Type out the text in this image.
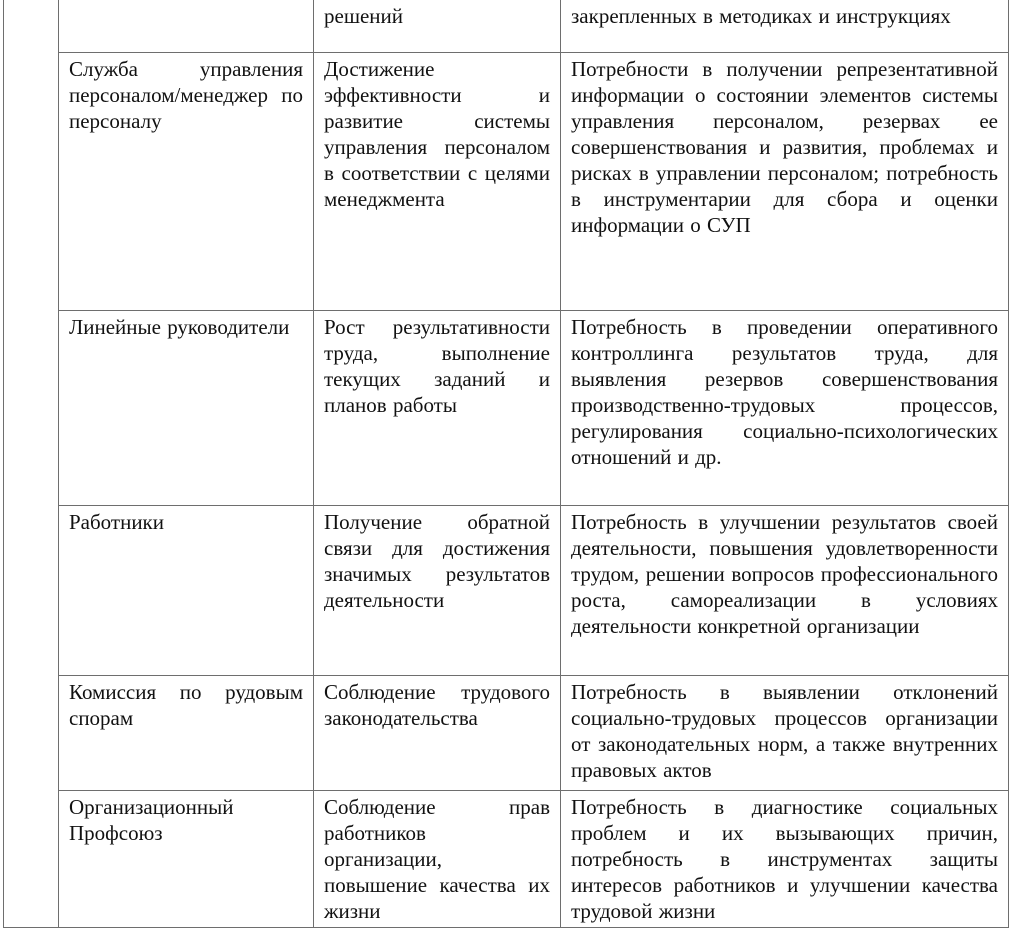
		решений	закрепленных в методиках и инструкциях
	Служба управления персоналом/менеджер по персоналу	Достижение эффективности и развитие системы управления персоналом в соответствии с целями менеджмента	Потребности в получении репрезентативной информации о состоянии элементов системы управления персоналом, резервах ее совершенствования и развития, проблемах и рисках в управлении персоналом; потребность в инструментарии для сбора и оценки информации о СУП
	Линейные руководители	Рост результативности труда, выполнение текущих заданий и планов работы	Потребность в проведении оперативного контроллинга результатов труда, для выявления резервов совершенствования производственно-трудовых процессов, регулирования социально-психологических отношений и др.
	Работники	Получение обратной связи для достижения значимых результатов деятельности	Потребность в улучшении результатов своей деятельности, повышения удовлетворенности трудом, решении вопросов профессионального роста, самореализации в условиях деятельности конкретной организации
	Комиссия по рудовым спорам	Соблюдение трудового законодательства	Потребность в выявлении отклонений социально-трудовых процессов организации от законодательных норм, а также внутренних правовых актов
	Организационный Профсоюз	Соблюдение прав работников организации, повышение качества их жизни	Потребность в диагностике социальных проблем и их вызывающих причин, потребность в инструментах защиты интересов работников и улучшении качества трудовой жизни
